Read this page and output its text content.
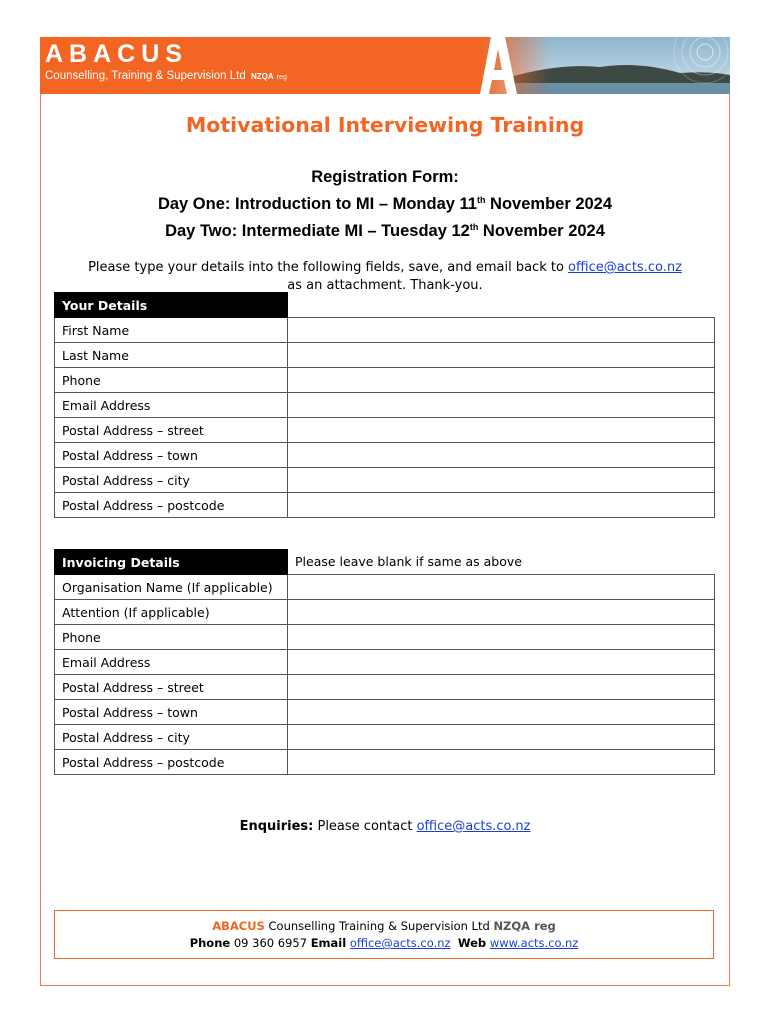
ABACUS
Counselling, Training & Supervision Ltd NZQA reg
Motivational Interviewing Training
Registration Form:
Day One: Introduction to MI – Monday 11th November 2024
Day Two: Intermediate MI – Tuesday 12th November 2024
Please type your details into the following fields, save, and email back to office@acts.co.nz as an attachment. Thank-you.
Your Details	
First Name	
Last Name	
Phone	
Email Address	
Postal Address – street	
Postal Address – town	
Postal Address – city	
Postal Address – postcode	
Invoicing Details	Please leave blank if same as above
Organisation Name (If applicable)	
Attention (If applicable)	
Phone	
Email Address	
Postal Address – street	
Postal Address – town	
Postal Address – city	
Postal Address – postcode	
Enquiries: Please contact office@acts.co.nz
ABACUS Counselling Training & Supervision Ltd NZQA reg
Phone 09 360 6957 Email office@acts.co.nz Web www.acts.co.nz
